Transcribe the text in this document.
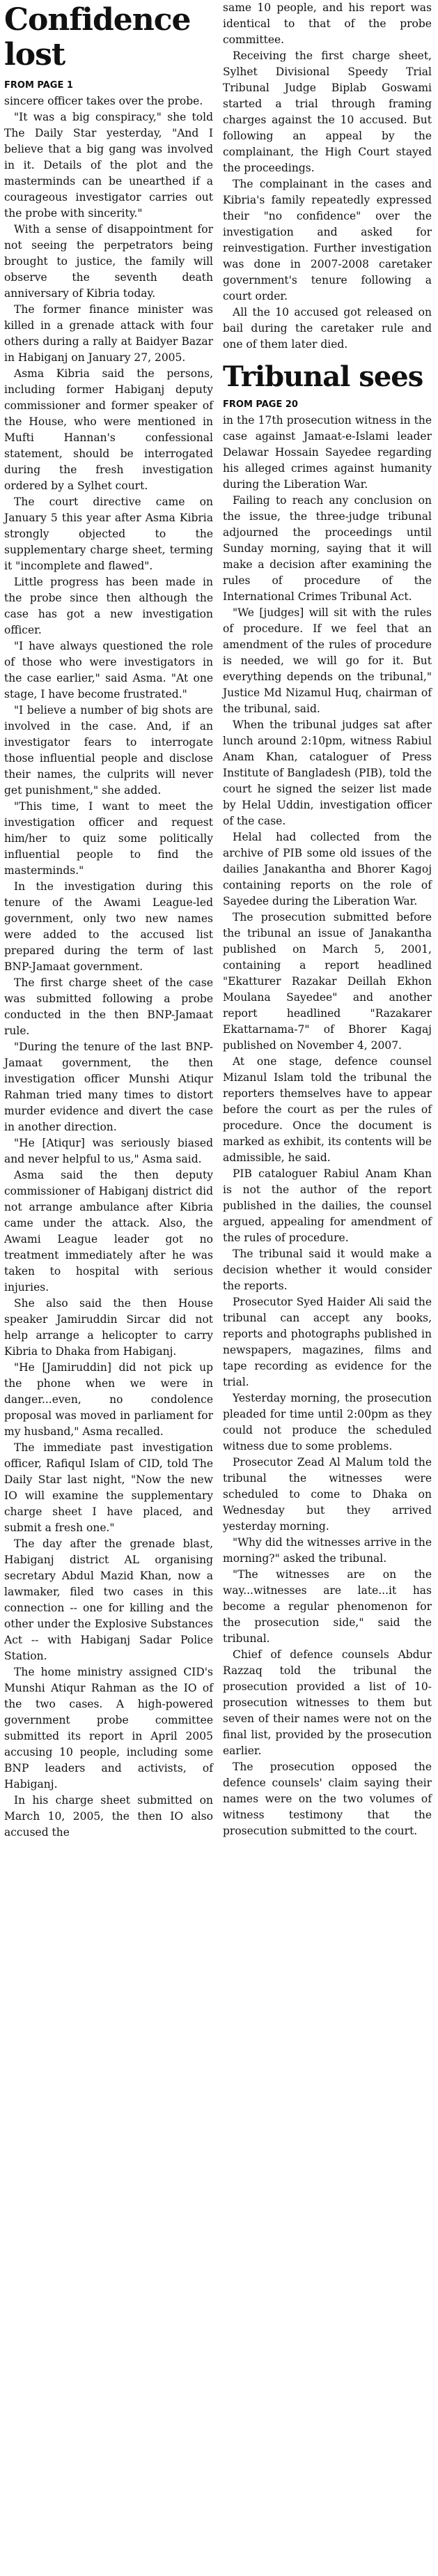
Confidence lost

FROM PAGE 1

sincere officer takes over the probe.

"It was a big conspiracy," she told The Daily Star yesterday, "And I believe that a big gang was involved in it. Details of the plot and the masterminds can be unearthed if a courageous investigator carries out the probe with sincerity."

With a sense of disappointment for not seeing the perpetrators being brought to justice, the family will observe the seventh death anniversary of Kibria today.

The former finance minister was killed in a grenade attack with four others during a rally at Baidyer Bazar in Habiganj on January 27, 2005.

Asma Kibria said the persons, including former Habiganj deputy commissioner and former speaker of the House, who were mentioned in Mufti Hannan's confessional statement, should be interrogated during the fresh investigation ordered by a Sylhet court.

The court directive came on January 5 this year after Asma Kibria strongly objected to the supplementary charge sheet, terming it "incomplete and flawed".

Little progress has been made in the probe since then although the case has got a new investigation officer.

"I have always questioned the role of those who were investigators in the case earlier," said Asma. "At one stage, I have become frustrated."

"I believe a number of big shots are involved in the case. And, if an investigator fears to interrogate those influential people and disclose their names, the culprits will never get punishment," she added.

"This time, I want to meet the investigation officer and request him/her to quiz some politically influential people to find the masterminds."

In the investigation during this tenure of the Awami League-led government, only two new names were added to the accused list prepared during the term of last BNP-Jamaat government.

The first charge sheet of the case was submitted following a probe conducted in the then BNP-Jamaat rule.

"During the tenure of the last BNP-Jamaat government, the then investigation officer Munshi Atiqur Rahman tried many times to distort murder evidence and divert the case in another direction.

"He [Atiqur] was seriously biased and never helpful to us," Asma said.

Asma said the then deputy commissioner of Habiganj district did not arrange ambulance after Kibria came under the attack. Also, the Awami League leader got no treatment immediately after he was taken to hospital with serious injuries.

She also said the then House speaker Jamiruddin Sircar did not help arrange a helicopter to carry Kibria to Dhaka from Habiganj.

"He [Jamiruddin] did not pick up the phone when we were in danger...even, no condolence proposal was moved in parliament for my husband," Asma recalled.

The immediate past investigation officer, Rafiqul Islam of CID, told The Daily Star last night, "Now the new IO will examine the supplementary charge sheet I have placed, and submit a fresh one."

The day after the grenade blast, Habiganj district AL organising secretary Abdul Mazid Khan, now a lawmaker, filed two cases in this connection -- one for killing and the other under the Explosive Substances Act -- with Habiganj Sadar Police Station.

The home ministry assigned CID's Munshi Atiqur Rahman as the IO of the two cases. A high-powered government probe committee submitted its report in April 2005 accusing 10 people, including some BNP leaders and activists, of Habiganj.

In his charge sheet submitted on March 10, 2005, the then IO also accused the

same 10 people, and his report was identical to that of the probe committee.

Receiving the first charge sheet, Sylhet Divisional Speedy Trial Tribunal Judge Biplab Goswami started a trial through framing charges against the 10 accused. But following an appeal by the complainant, the High Court stayed the proceedings.

The complainant in the cases and Kibria's family repeatedly expressed their "no confidence" over the investigation and asked for reinvestigation. Further investigation was done in 2007-2008 caretaker government's tenure following a court order.

All the 10 accused got released on bail during the caretaker rule and one of them later died.

Tribunal sees

FROM PAGE 20

in the 17th prosecution witness in the case against Jamaat-e-Islami leader Delawar Hossain Sayedee regarding his alleged crimes against humanity during the Liberation War.

Failing to reach any conclusion on the issue, the three-judge tribunal adjourned the proceedings until Sunday morning, saying that it will make a decision after examining the rules of procedure of the International Crimes Tribunal Act.

"We [judges] will sit with the rules of procedure. If we feel that an amendment of the rules of procedure is needed, we will go for it. But everything depends on the tribunal," Justice Md Nizamul Huq, chairman of the tribunal, said.

When the tribunal judges sat after lunch around 2:10pm, witness Rabiul Anam Khan, cataloguer of Press Institute of Bangladesh (PIB), told the court he signed the seizer list made by Helal Uddin, investigation officer of the case.

Helal had collected from the archive of PIB some old issues of the dailies Janakantha and Bhorer Kagoj containing reports on the role of Sayedee during the Liberation War.

The prosecution submitted before the tribunal an issue of Janakantha published on March 5, 2001, containing a report headlined "Ekatturer Razakar Deillah Ekhon Moulana Sayedee" and another report headlined "Razakarer Ekattarnama-7" of Bhorer Kagaj published on November 4, 2007.

At one stage, defence counsel Mizanul Islam told the tribunal the reporters themselves have to appear before the court as per the rules of procedure. Once the document is marked as exhibit, its contents will be admissible, he said.

PIB cataloguer Rabiul Anam Khan is not the author of the report published in the dailies, the counsel argued, appealing for amendment of the rules of procedure.

The tribunal said it would make a decision whether it would consider the reports.

Prosecutor Syed Haider Ali said the tribunal can accept any books, reports and photographs published in newspapers, magazines, films and tape recording as evidence for the trial.

Yesterday morning, the prosecution pleaded for time until 2:00pm as they could not produce the scheduled witness due to some problems.

Prosecutor Zead Al Malum told the tribunal the witnesses were scheduled to come to Dhaka on Wednesday but they arrived yesterday morning.

"Why did the witnesses arrive in the morning?" asked the tribunal.

"The witnesses are on the way...witnesses are late...it has become a regular phenomenon for the prosecution side," said the tribunal.

Chief of defence counsels Abdur Razzaq told the tribunal the prosecution provided a list of 10-prosecution witnesses to them but seven of their names were not on the final list, provided by the prosecution earlier.

The prosecution opposed the defence counsels' claim saying their names were on the two volumes of witness testimony that the prosecution submitted to the court.
